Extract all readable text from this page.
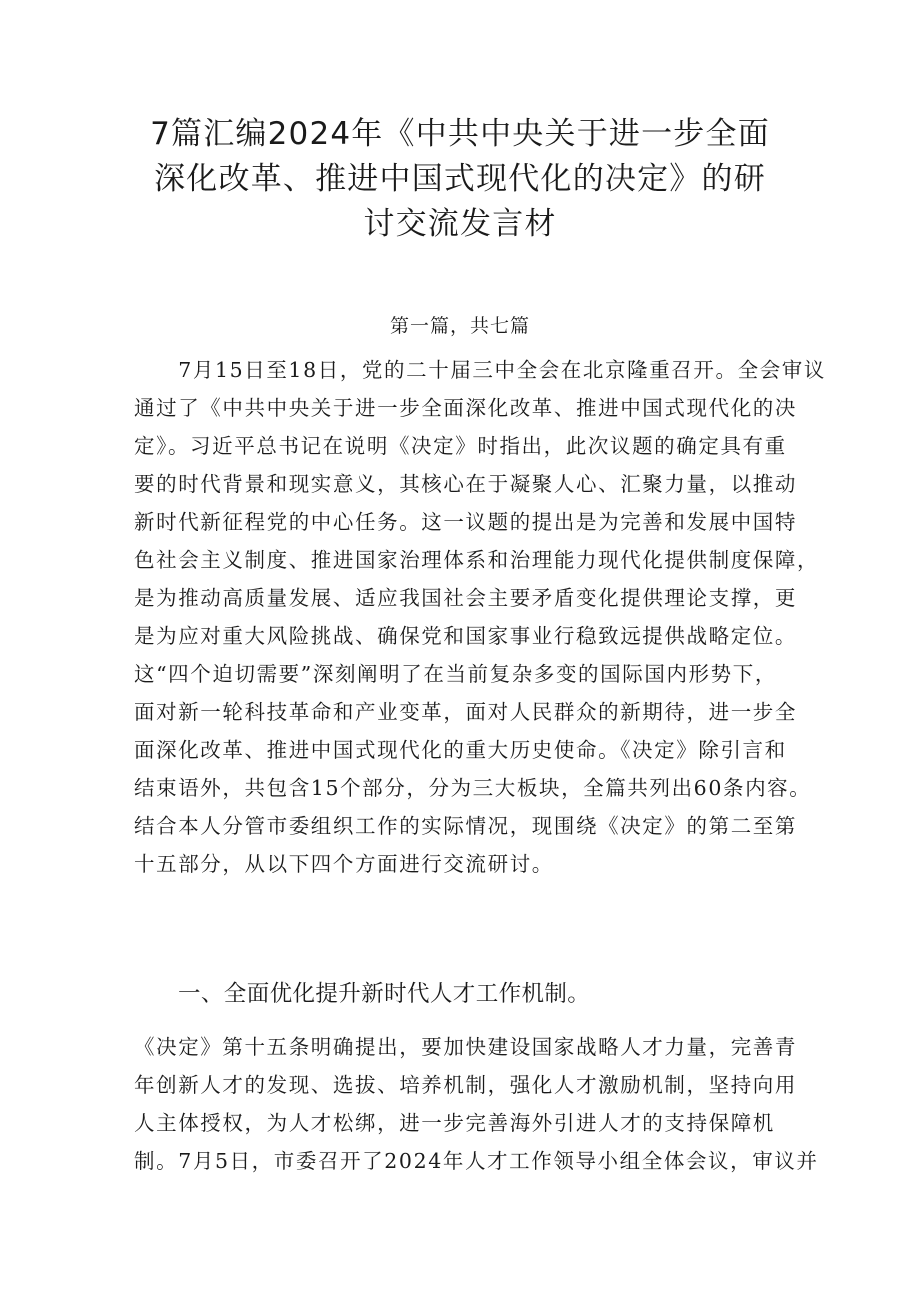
7篇汇编2024年《中共中央关于进一步全面
深化改革、推进中国式现代化的决定》的研
讨交流发言材
第一篇，共七篇
　　7月15日至18日，党的二十届三中全会在北京隆重召开。全会审议
通过了《中共中央关于进一步全面深化改革、推进中国式现代化的决
定》。习近平总书记在说明《决定》时指出，此次议题的确定具有重
要的时代背景和现实意义，其核心在于凝聚人心、汇聚力量，以推动
新时代新征程党的中心任务。这一议题的提出是为完善和发展中国特
色社会主义制度、推进国家治理体系和治理能力现代化提供制度保障，
是为推动高质量发展、适应我国社会主要矛盾变化提供理论支撑，更
是为应对重大风险挑战、确保党和国家事业行稳致远提供战略定位。
这“四个迫切需要”深刻阐明了在当前复杂多变的国际国内形势下，
面对新一轮科技革命和产业变革，面对人民群众的新期待，进一步全
面深化改革、推进中国式现代化的重大历史使命。《决定》除引言和
结束语外，共包含15个部分，分为三大板块，全篇共列出60条内容。
结合本人分管市委组织工作的实际情况，现围绕《决定》的第二至第
十五部分，从以下四个方面进行交流研讨。
一、全面优化提升新时代人才工作机制。
《决定》第十五条明确提出，要加快建设国家战略人才力量，完善青
年创新人才的发现、选拔、培养机制，强化人才激励机制，坚持向用
人主体授权，为人才松绑，进一步完善海外引进人才的支持保障机
制。7月5日，市委召开了2024年人才工作领导小组全体会议，审议并
